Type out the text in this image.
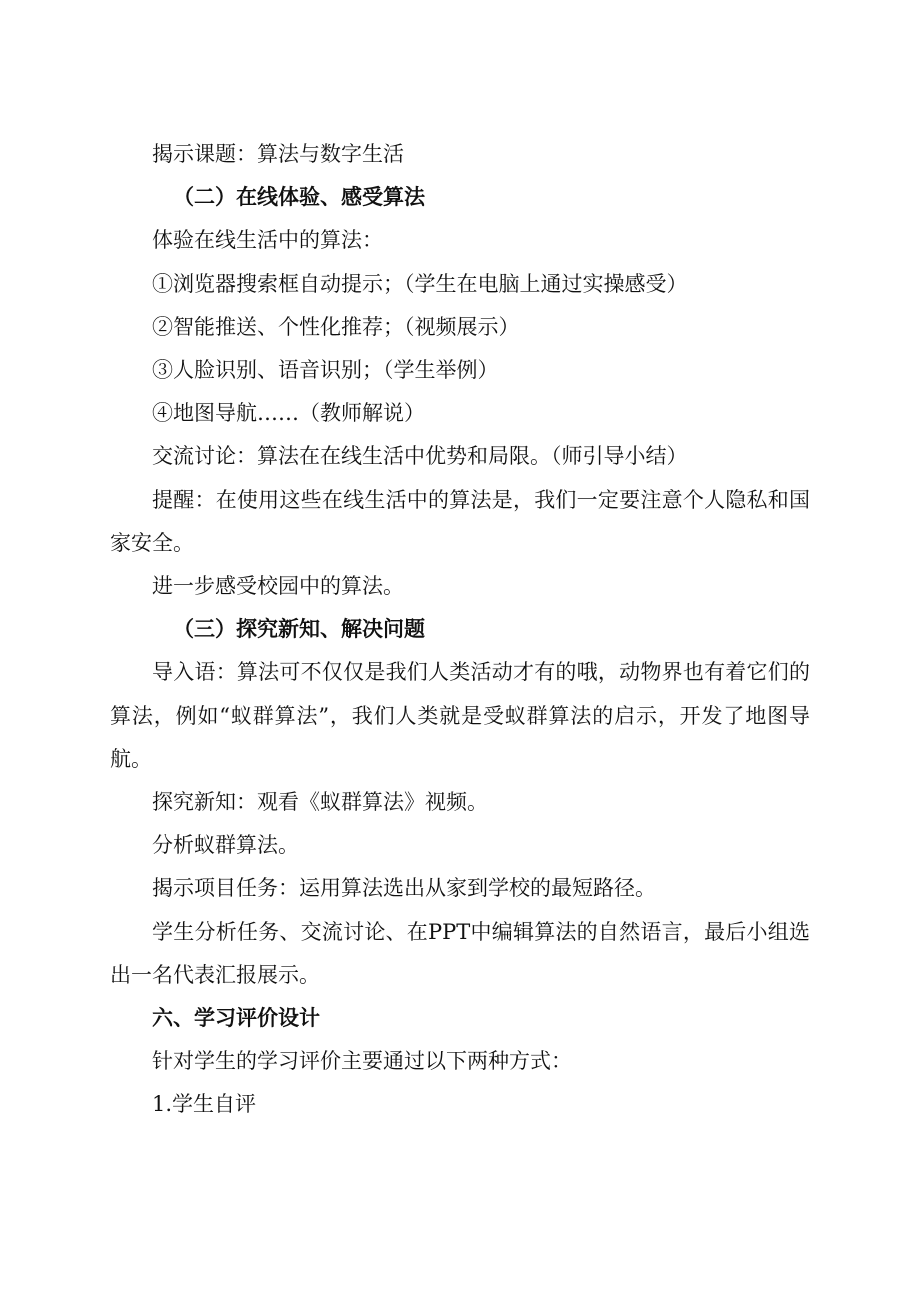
揭示课题：算法与数字生活

（二）在线体验、感受算法

体验在线生活中的算法：

①浏览器搜索框自动提示；（学生在电脑上通过实操感受）

②智能推送、个性化推荐；（视频展示）

③人脸识别、语音识别；（学生举例）

④地图导航……（教师解说）

交流讨论：算法在在线生活中优势和局限。（师引导小结）

提醒：在使用这些在线生活中的算法是，我们一定要注意个人隐私和国家安全。

进一步感受校园中的算法。

（三）探究新知、解决问题

导入语：算法可不仅仅是我们人类活动才有的哦，动物界也有着它们的算法，例如“蚁群算法”，我们人类就是受蚁群算法的启示，开发了地图导航。

探究新知：观看《蚁群算法》视频。

分析蚁群算法。

揭示项目任务：运用算法选出从家到学校的最短路径。

学生分析任务、交流讨论、在PPT中编辑算法的自然语言，最后小组选出一名代表汇报展示。

六、学习评价设计

针对学生的学习评价主要通过以下两种方式：

1.学生自评
